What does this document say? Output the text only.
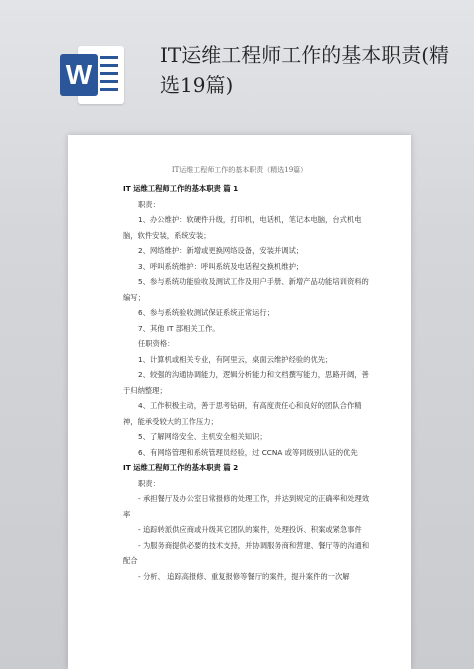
W
IT运维工程师工作的基本职责(精选19篇)
IT运维工程师工作的基本职责（精选19篇）

IT 运维工程师工作的基本职责 篇 1

职责：

1、办公维护：软硬件升级，打印机，电话机，笔记本电脑，台式机电脑，软件安装，系统安装；

2、网络维护：新增或更换网络设备，安装并调试；

3、呼叫系统维护：呼叫系统及电话程交换机维护；

5、参与系统功能验收及测试工作及用户手册、新增产品功能培训资料的编写；

6、参与系统验收测试保证系统正常运行；

7、其他 IT 部相关工作。

任职资格：

1、计算机或相关专业，有阿里云，桌面云维护经验的优先；

2、较强的沟通协调能力，逻辑分析能力和文档撰写能力，思路开阔，善于归纳整理；

4、工作积极主动，善于思考钻研，有高度责任心和良好的团队合作精神，能承受较大的工作压力；

5、了解网络安全、主机安全相关知识；

6、有网络管理和系统管理员经验，过 CCNA 或等同级别认证的优先

IT 运维工程师工作的基本职责 篇 2

职责：

- 承担餐厅及办公室日常报修的处理工作，并达到规定的正确率和处理效率

- 追踪转派供应商或升级其它团队的案件，处理投诉、积案或紧急事件

- 为服务商提供必要的技术支持，并协调服务商和营建、餐厅等的沟通和配合

- 分析、 追踪高报修、重复报修等餐厅的案件，提升案件的一次解
